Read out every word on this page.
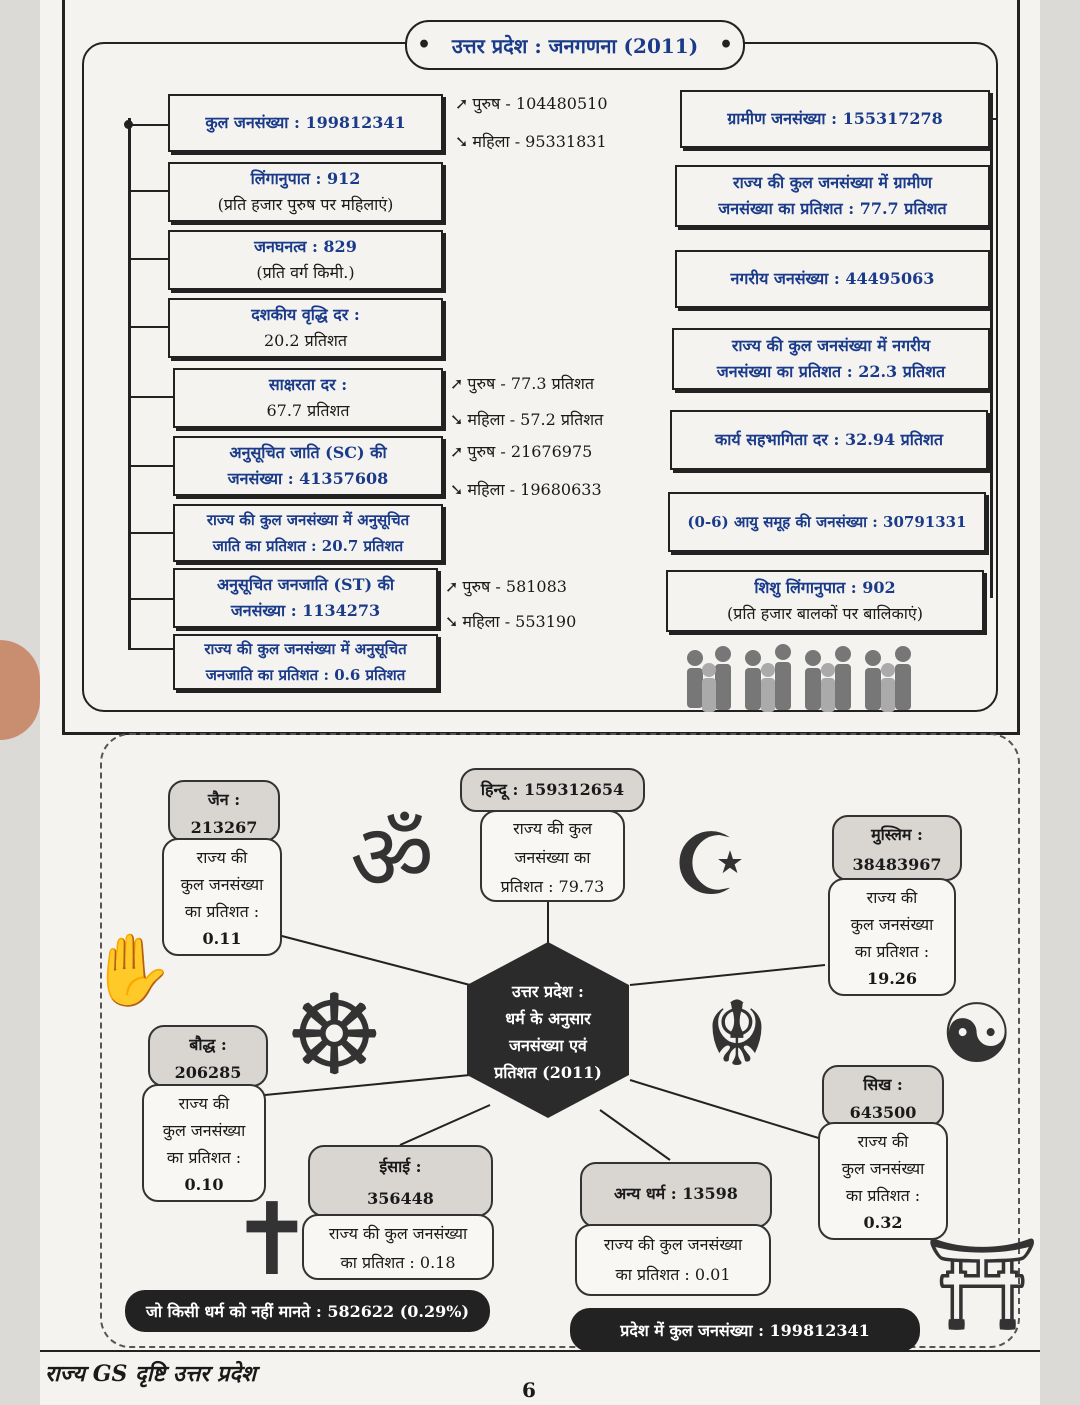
• उत्तर प्रदेश : जनगणना (2011) •
कुल जनसंख्या : 199812341
➚ पुरुष - 104480510
➘ महिला - 95331831
लिंगानुपात : 912
(प्रति हजार पुरुष पर महिलाएं)
जनघनत्व : 829
(प्रति वर्ग किमी.)
दशकीय वृद्धि दर :
20.2 प्रतिशत
साक्षरता दर :
67.7 प्रतिशत
➚ पुरुष - 77.3 प्रतिशत
➘ महिला - 57.2 प्रतिशत
अनुसूचित जाति (SC) की
जनसंख्या : 41357608
➚ पुरुष - 21676975
➘ महिला - 19680633
राज्य की कुल जनसंख्या में अनुसूचित
जाति का प्रतिशत : 20.7 प्रतिशत
अनुसूचित जनजाति (ST) की
जनसंख्या : 1134273
➚ पुरुष - 581083
➘ महिला - 553190
राज्य की कुल जनसंख्या में अनुसूचित
जनजाति का प्रतिशत : 0.6 प्रतिशत
ग्रामीण जनसंख्या : 155317278
राज्य की कुल जनसंख्या में ग्रामीण
जनसंख्या का प्रतिशत : 77.7 प्रतिशत
नगरीय जनसंख्या : 44495063
राज्य की कुल जनसंख्या में नगरीय
जनसंख्या का प्रतिशत : 22.3 प्रतिशत
कार्य सहभागिता दर : 32.94 प्रतिशत
(0-6) आयु समूह की जनसंख्या : 30791331
शिशु लिंगानुपात : 902
(प्रति हजार बालकों पर बालिकाएं)
उत्तर प्रदेश :
धर्म के अनुसार
जनसंख्या एवं
प्रतिशत (2011)
हिन्दू : 159312654
राज्य की कुल
जनसंख्या का
प्रतिशत : 79.73
जैन :
213267
राज्य की
कुल जनसंख्या
का प्रतिशत :
0.11
मुस्लिम :
38483967
राज्य की
कुल जनसंख्या
का प्रतिशत :
19.26
बौद्ध :
206285
राज्य की
कुल जनसंख्या
का प्रतिशत :
0.10
सिख :
643500
राज्य की
कुल जनसंख्या
का प्रतिशत :
0.32
ईसाई :
356448
राज्य की कुल जनसंख्या
का प्रतिशत : 0.18
अन्य धर्म : 13598
राज्य की कुल जनसंख्या
का प्रतिशत : 0.01
जो किसी धर्म को नहीं मानते : 582622 (0.29%)
प्रदेश में कुल जनसंख्या : 199812341
ॐ	☪
☸	☯
☬
✝	⛩
✋
राज्य GS दृष्टि उत्तर प्रदेश
6
